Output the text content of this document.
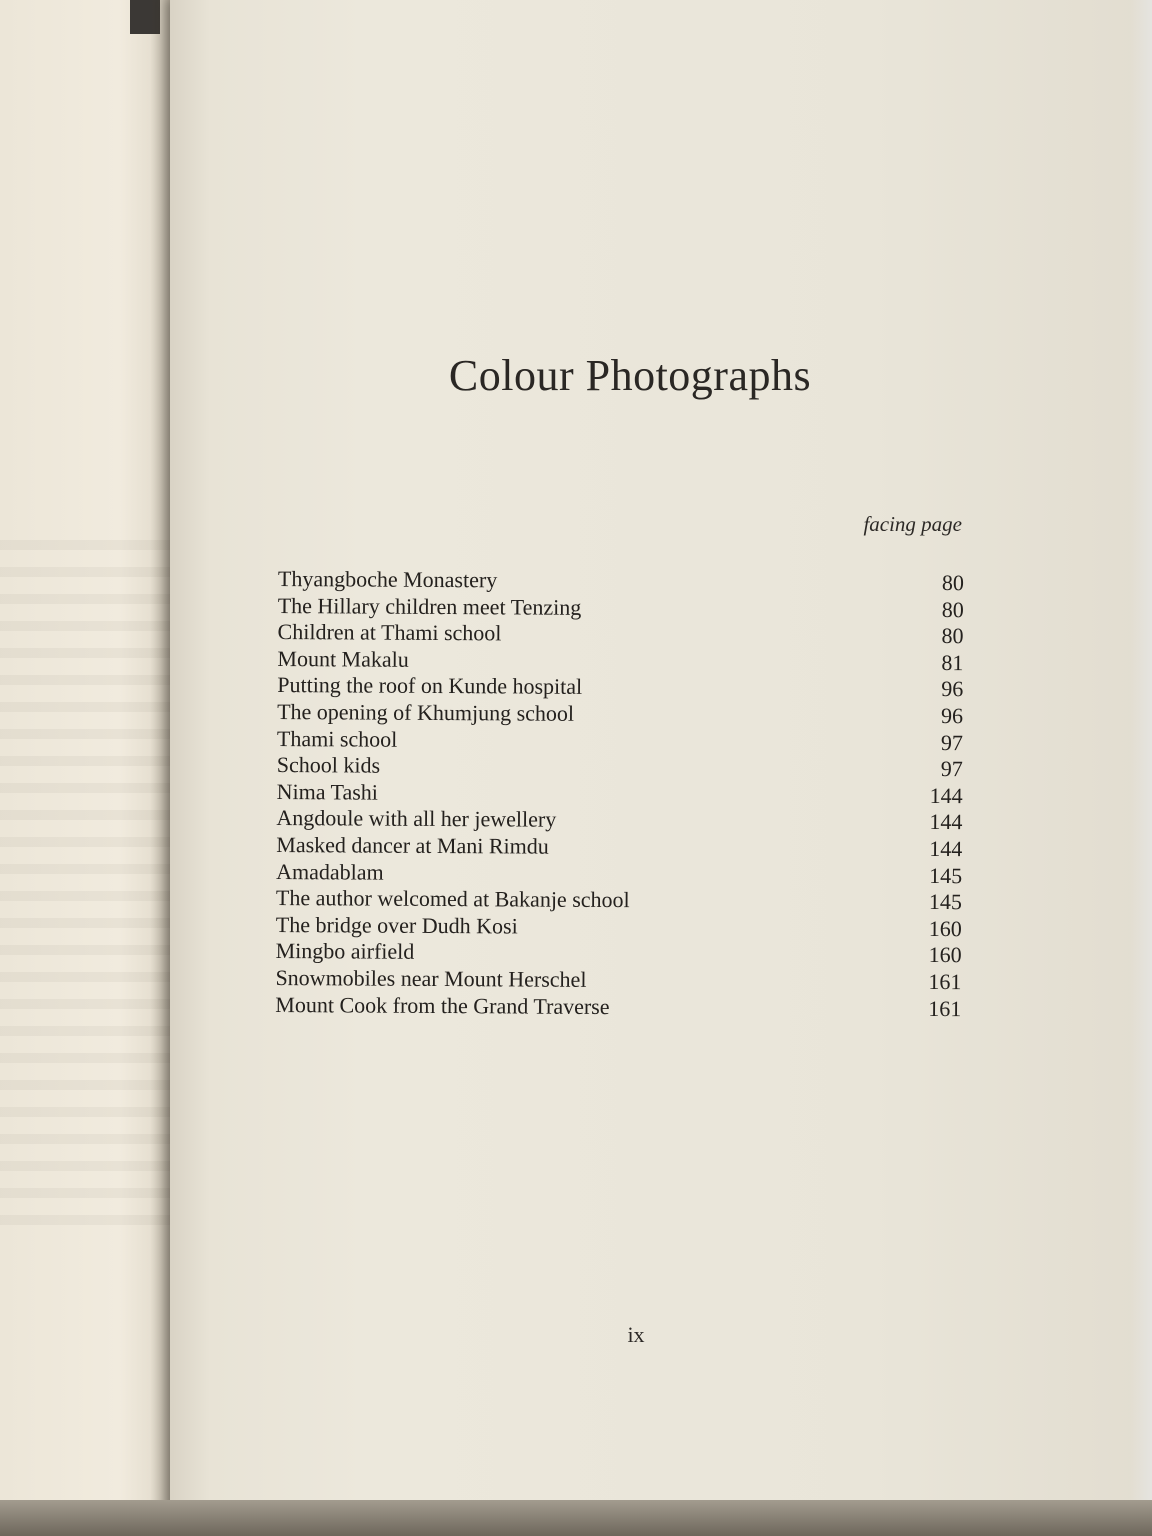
Colour Photographs
facing page
Thyangboche Monastery	80
The Hillary children meet Tenzing	80
Children at Thami school	80
Mount Makalu	81
Putting the roof on Kunde hospital	96
The opening of Khumjung school	96
Thami school	97
School kids	97
Nima Tashi	144
Angdoule with all her jewellery	144
Masked dancer at Mani Rimdu	144
Amadablam	145
The author welcomed at Bakanje school	145
The bridge over Dudh Kosi	160
Mingbo airfield	160
Snowmobiles near Mount Herschel	161
Mount Cook from the Grand Traverse	161
ix
